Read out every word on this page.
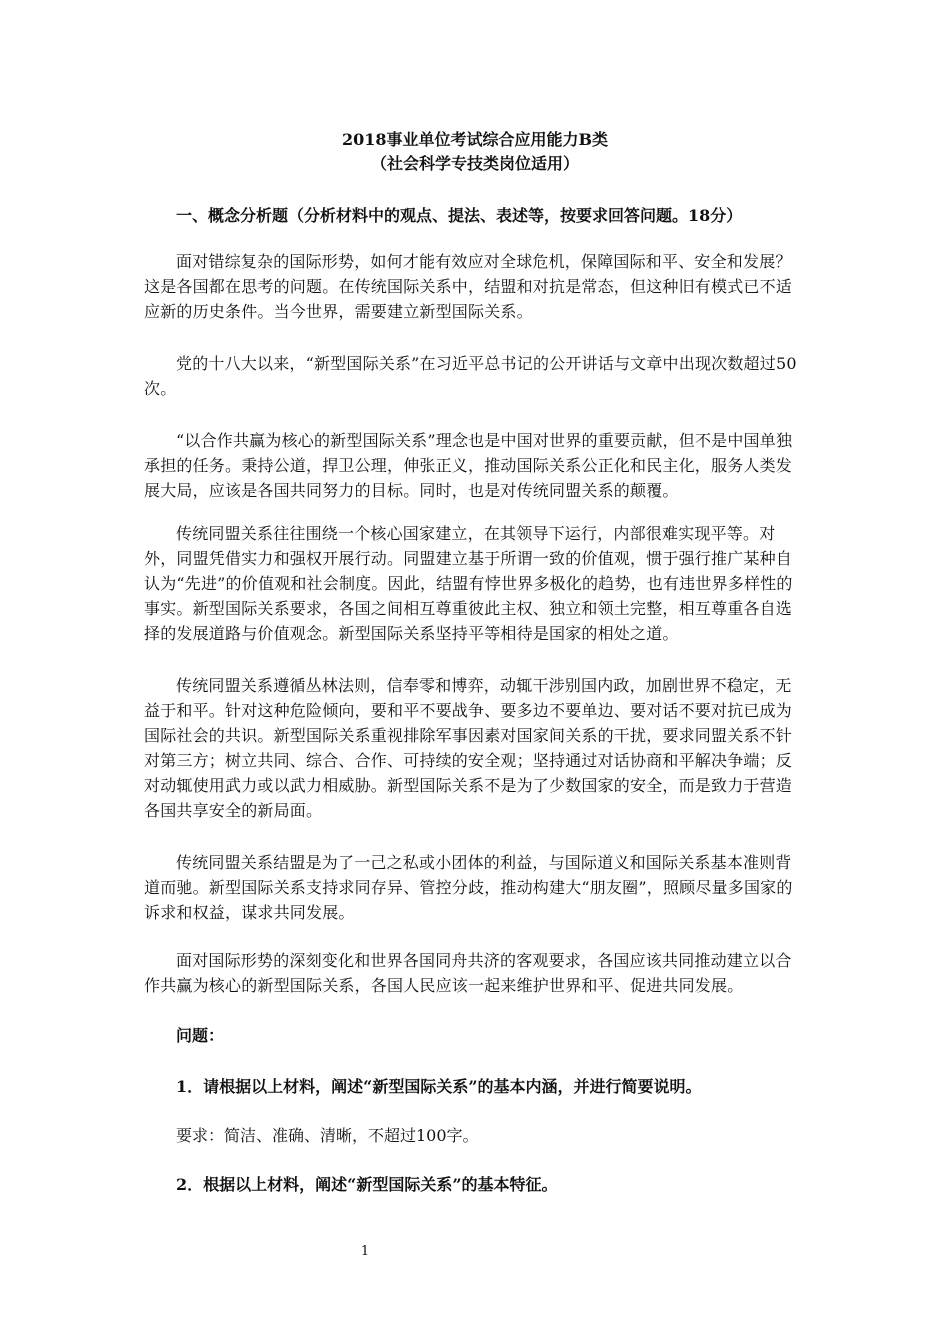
2018事业单位考试综合应用能力B类
（社会科学专技类岗位适用）
一、概念分析题（分析材料中的观点、提法、表述等，按要求回答问题。18分）
面对错综复杂的国际形势，如何才能有效应对全球危机，保障国际和平、安全和发展？这是各国都在思考的问题。在传统国际关系中，结盟和对抗是常态，但这种旧有模式已不适应新的历史条件。当今世界，需要建立新型国际关系。
党的十八大以来，“新型国际关系”在习近平总书记的公开讲话与文章中出现次数超过50次。
“以合作共赢为核心的新型国际关系”理念也是中国对世界的重要贡献，但不是中国单独承担的任务。秉持公道，捍卫公理，伸张正义，推动国际关系公正化和民主化，服务人类发展大局，应该是各国共同努力的目标。同时，也是对传统同盟关系的颠覆。
传统同盟关系往往围绕一个核心国家建立，在其领导下运行，内部很难实现平等。对外，同盟凭借实力和强权开展行动。同盟建立基于所谓一致的价值观，惯于强行推广某种自认为“先进”的价值观和社会制度。因此，结盟有悖世界多极化的趋势，也有违世界多样性的事实。新型国际关系要求，各国之间相互尊重彼此主权、独立和领土完整，相互尊重各自选择的发展道路与价值观念。新型国际关系坚持平等相待是国家的相处之道。
传统同盟关系遵循丛林法则，信奉零和博弈，动辄干涉别国内政，加剧世界不稳定，无益于和平。针对这种危险倾向，要和平不要战争、要多边不要单边、要对话不要对抗已成为国际社会的共识。新型国际关系重视排除军事因素对国家间关系的干扰，要求同盟关系不针对第三方；树立共同、综合、合作、可持续的安全观；坚持通过对话协商和平解决争端；反对动辄使用武力或以武力相威胁。新型国际关系不是为了少数国家的安全，而是致力于营造各国共享安全的新局面。
传统同盟关系结盟是为了一己之私或小团体的利益，与国际道义和国际关系基本准则背道而驰。新型国际关系支持求同存异、管控分歧，推动构建大“朋友圈”，照顾尽量多国家的诉求和权益，谋求共同发展。
面对国际形势的深刻变化和世界各国同舟共济的客观要求，各国应该共同推动建立以合作共赢为核心的新型国际关系，各国人民应该一起来维护世界和平、促进共同发展。
问题：
1．请根据以上材料，阐述“新型国际关系”的基本内涵，并进行简要说明。
要求：简洁、准确、清晰，不超过100字。
2．根据以上材料，阐述“新型国际关系”的基本特征。
1
